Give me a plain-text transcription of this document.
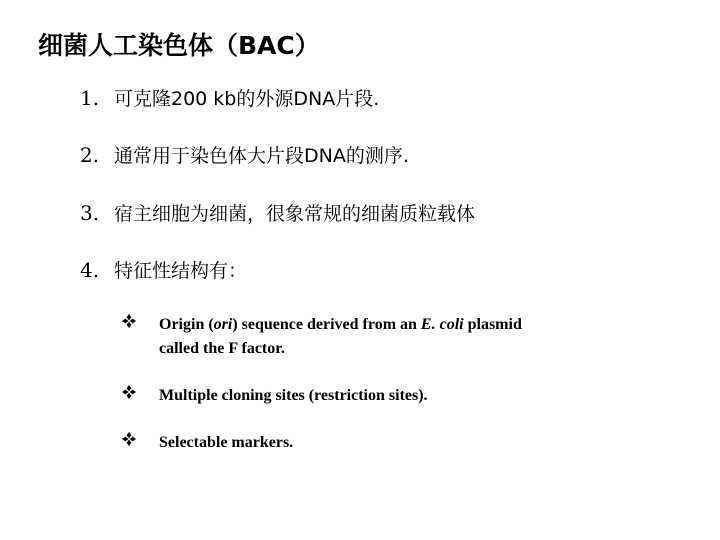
细菌人工染色体（BAC）
1. 可克隆200 kb的外源DNA片段.
2. 通常用于染色体大片段DNA的测序.
3. 宿主细胞为细菌，很象常规的细菌质粒载体
4. 特征性结构有：
Origin (ori) sequence derived from an E. coli plasmid
called the F factor.
Multiple cloning sites (restriction sites).
Selectable markers.
